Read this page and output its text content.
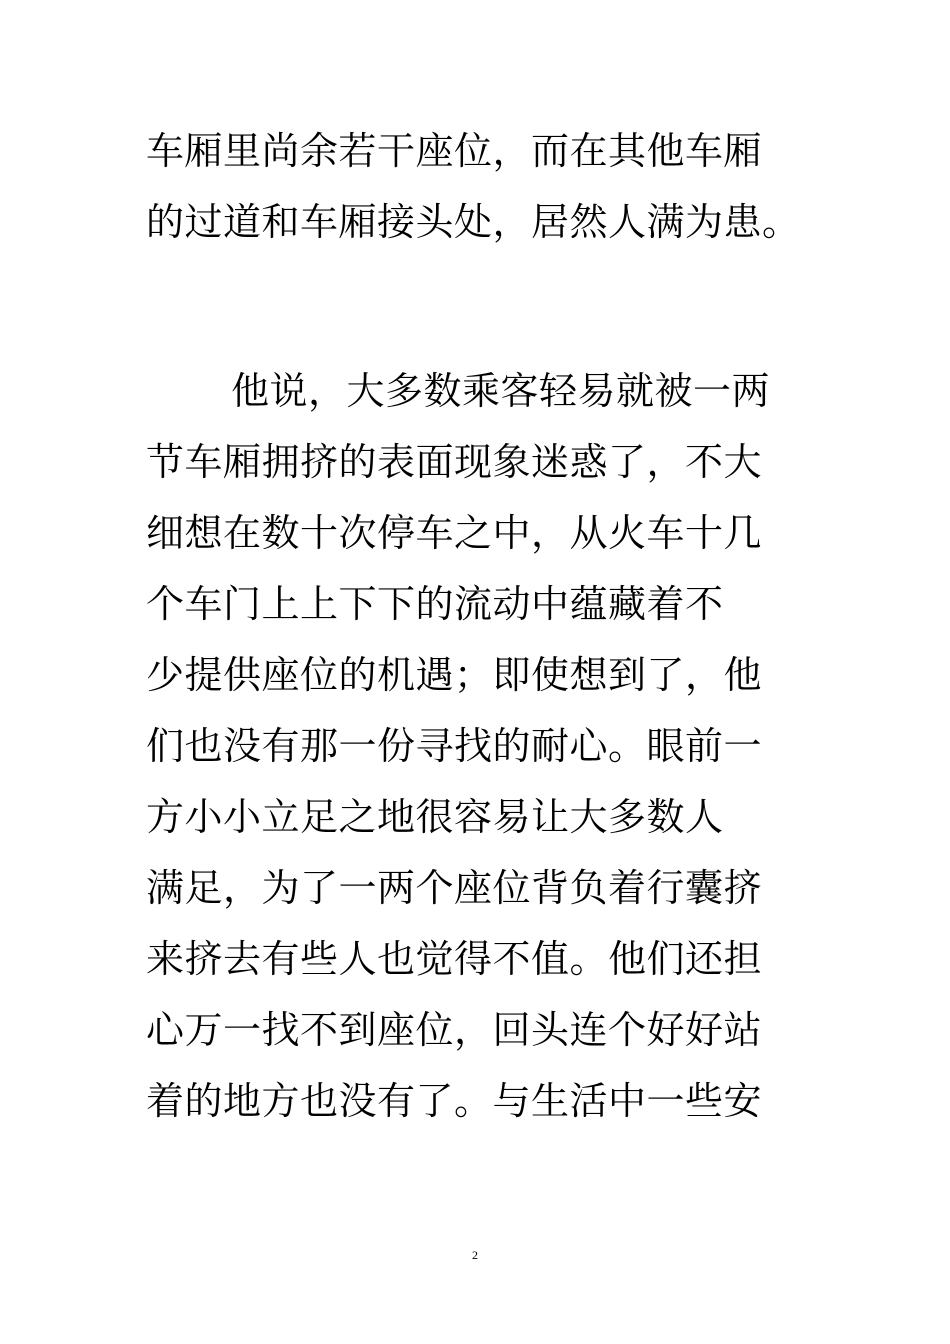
车厢里尚余若干座位，而在其他车厢
的过道和车厢接头处，居然人满为患。
他说，大多数乘客轻易就被一两
节车厢拥挤的表面现象迷惑了，不大
细想在数十次停车之中，从火车十几
个车门上上下下的流动中蕴藏着不
少提供座位的机遇；即使想到了，他
们也没有那一份寻找的耐心。眼前一
方小小立足之地很容易让大多数人
满足，为了一两个座位背负着行囊挤
来挤去有些人也觉得不值。他们还担
心万一找不到座位，回头连个好好站
着的地方也没有了。与生活中一些安
2
